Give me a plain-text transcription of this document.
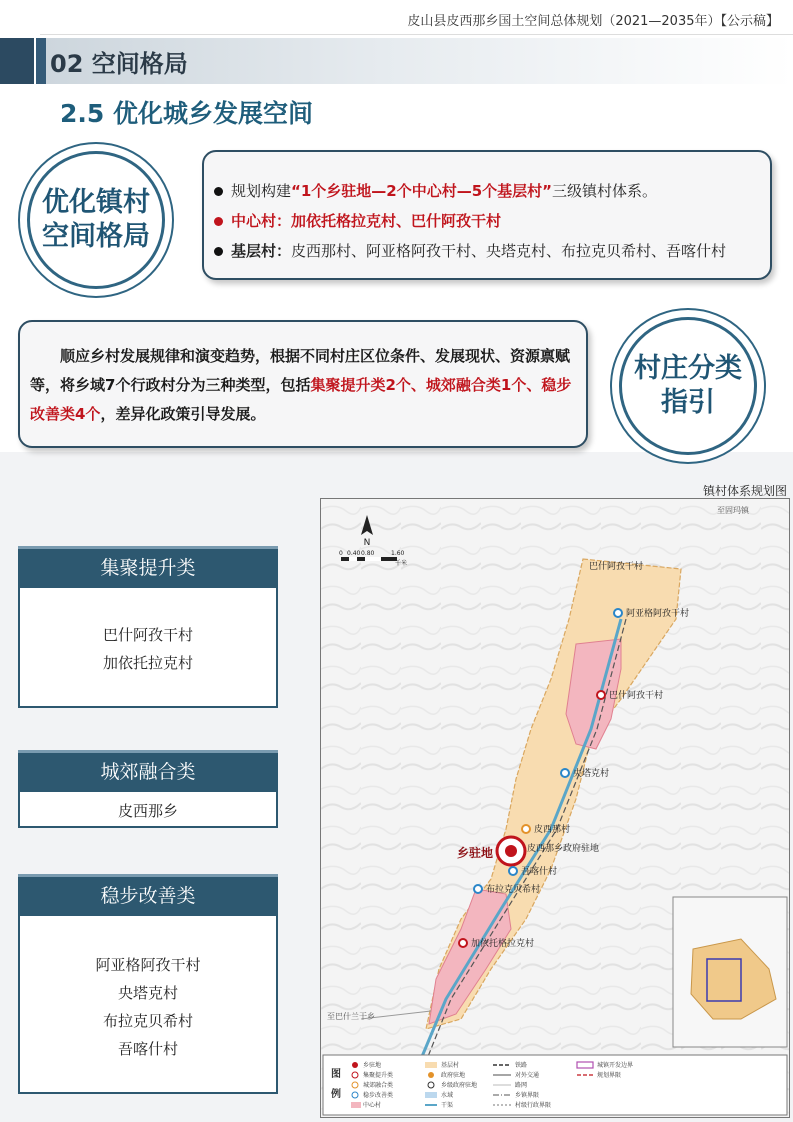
皮山县皮西那乡国土空间总体规划（2021—2035年）【公示稿】
02 空间格局
2.5 优化城乡发展空间
优化镇村
空间格局
规划构建 “1个乡驻地—2个中心村—5个基层村” 三级镇村体系。
中心村： 加依托格拉克村、巴什阿孜干村
基层村： 皮西那村、阿亚格阿孜干村、央塔克村、布拉克贝希村、吾喀什村
顺应乡村发展规律和演变趋势，根据不同村庄区位条件、发展现状、资源禀赋等，将乡域7个行政村分为三种类型，包括集聚提升类2个、城郊融合类1个、稳步改善类4个，差异化政策引导发展。
村庄分类
指引
集聚提升类
巴什阿孜干村
加依托拉克村
城郊融合类
皮西那乡
稳步改善类
阿亚格阿孜干村
央塔克村
布拉克贝希村
吾喀什村
镇村体系规划图
N
0 0.40 0.80	1.60
千米
至固玛镇
至巴什兰干乡
巴什阿孜干村
阿亚格阿孜干村
巴什阿孜干村
央塔克村
皮西那村
乡驻地	皮西那乡政府驻地
吾喀什村
布拉克贝希村
加依托格拉克村
图
例
乡驻地
集聚提升类
城郊融合类
稳步改善类
中心村
基层村
政府驻地
乡级政府驻地
水域
干渠
铁路
对外交通
路网
乡镇界限
村级行政界限
城镇开发边界
规划界限
